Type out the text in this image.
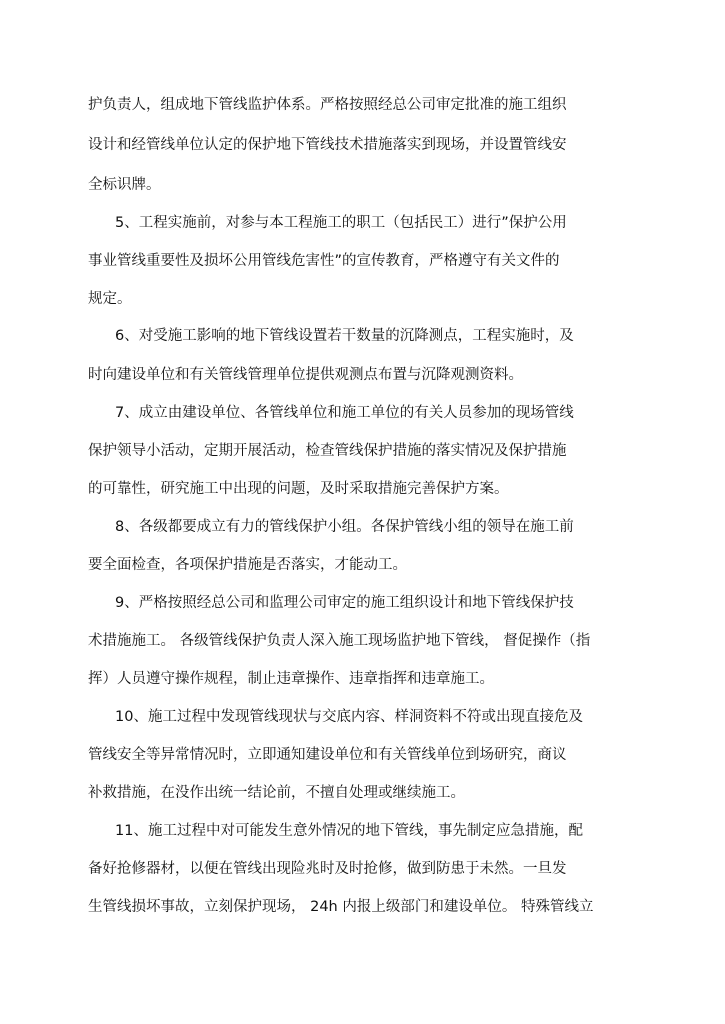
护负责人，组成地下管线监护体系。严格按照经总公司审定批准的施工组织

设计和经管线单位认定的保护地下管线技术措施落实到现场，并设置管线安

全标识牌。

5、工程实施前，对参与本工程施工的职工（包括民工）进行”保护公用

事业管线重要性及损坏公用管线危害性”的宣传教育，严格遵守有关文件的

规定。

6、对受施工影响的地下管线设置若干数量的沉降测点，工程实施时，及

时向建设单位和有关管线管理单位提供观测点布置与沉降观测资料。

7、成立由建设单位、各管线单位和施工单位的有关人员参加的现场管线

保护领导小活动，定期开展活动，检查管线保护措施的落实情况及保护措施

的可靠性，研究施工中出现的问题，及时采取措施完善保护方案。

8、各级都要成立有力的管线保护小组。各保护管线小组的领导在施工前

要全面检查，各项保护措施是否落实，才能动工。

9、严格按照经总公司和监理公司审定的施工组织设计和地下管线保护技

术措施施工。 各级管线保护负责人深入施工现场监护地下管线， 督促操作（指

挥）人员遵守操作规程，制止违章操作、违章指挥和违章施工。

10、施工过程中发现管线现状与交底内容、样洞资料不符或出现直接危及

管线安全等异常情况时，立即通知建设单位和有关管线单位到场研究，商议

补救措施，在没作出统一结论前，不擅自处理或继续施工。

11、施工过程中对可能发生意外情况的地下管线，事先制定应急措施，配

备好抢修器材，以便在管线出现险兆时及时抢修，做到防患于未然。一旦发

生管线损坏事故，立刻保护现场， 24h 内报上级部门和建设单位。 特殊管线立
